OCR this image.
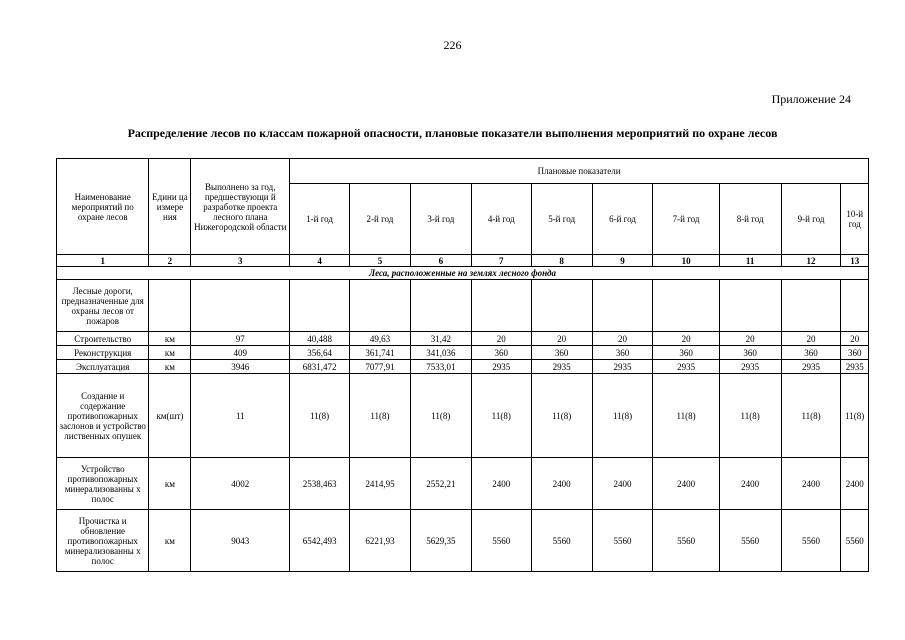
226
Приложение 24
Распределение лесов по классам пожарной опасности, плановые показатели выполнения мероприятий по охране лесов
Наименование мероприятий по охране лесов	Едини ца измере ния	Выполнено за год, предшествующи й разработке проекта лесного плана Нижегородской области	Плановые показатели									
			1-й год	2-й год	3-й год	4-й год	5-й год	6-й год	7-й год	8-й год	9-й год	10-й год
1	2	3	4	5	6	7	8	9	10	11	12	13
Леса, расположенные на землях лесного фонда												
Лесные дороги, предназначенные для охраны лесов от пожаров												
Строительство	км	97	40,488	49,63	31,42	20	20	20	20	20	20	20
Реконструкция	км	409	356,64	361,741	341,036	360	360	360	360	360	360	360
Эксплуатация	км	3946	6831,472	7077,91	7533,01	2935	2935	2935	2935	2935	2935	2935
Создание и содержание противопожарных заслонов и устройство лиственных опушек	км(шт)	11	11(8)	11(8)	11(8)	11(8)	11(8)	11(8)	11(8)	11(8)	11(8)	11(8)
Устройство противопожарных минерализованны х полос	км	4002	2538,463	2414,95	2552,21	2400	2400	2400	2400	2400	2400	2400
Прочистка и обновление противопожарных минерализованны х полос	км	9043	6542,493	6221,93	5629,35	5560	5560	5560	5560	5560	5560	5560
